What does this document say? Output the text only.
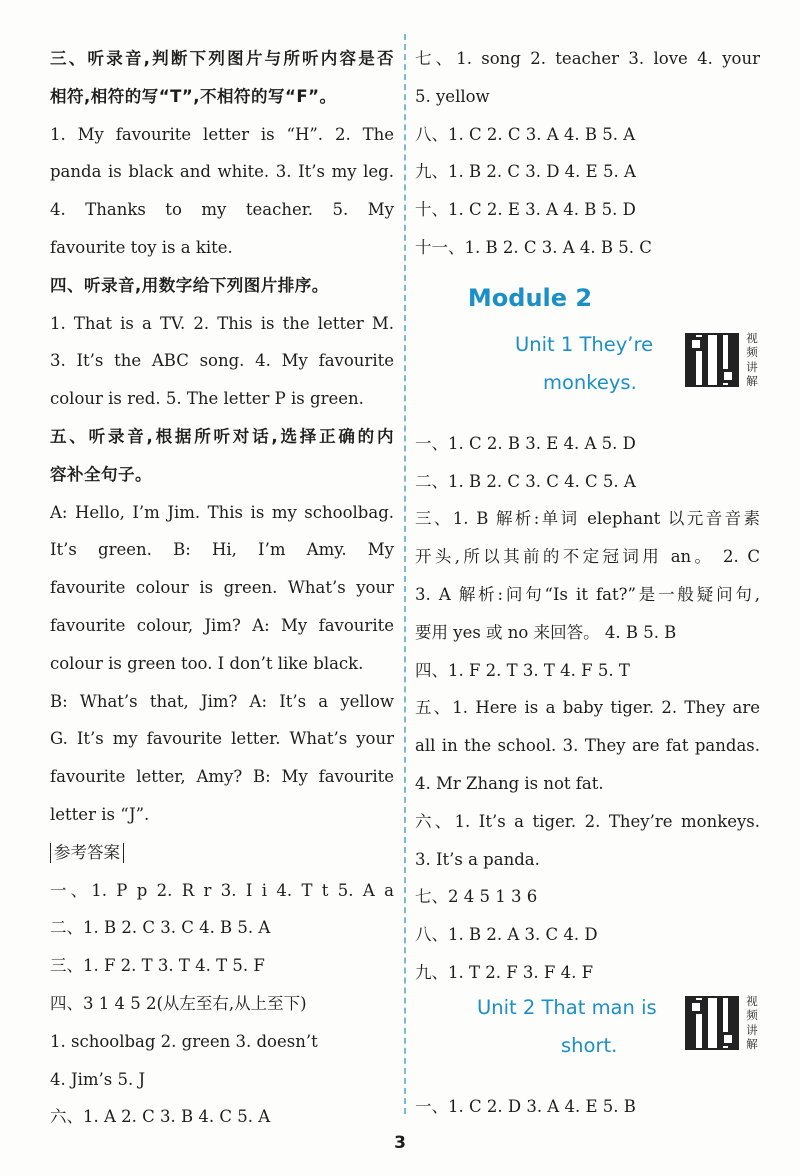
三、听录音,判断下列图片与所听内容是否
相符,相符的写“T”,不相符的写“F”。
1. My favourite letter is “H”. 2. The
panda is black and white. 3. It’s my leg.
4. Thanks to my teacher. 5. My
favourite toy is a kite.
四、听录音,用数字给下列图片排序。
1. That is a TV. 2. This is the letter M.
3. It’s the ABC song. 4. My favourite
colour is red. 5. The letter P is green.
五、听录音,根据所听对话,选择正确的内
容补全句子。
A: Hello, I’m Jim. This is my schoolbag.
It’s green. B: Hi, I’m Amy. My
favourite colour is green. What’s your
favourite colour, Jim? A: My favourite
colour is green too. I don’t like black.
B: What’s that, Jim? A: It’s a yellow
G. It’s my favourite letter. What’s your
favourite letter, Amy? B: My favourite
letter is “J”.
参考答案
一、1. P p 2. R r 3. I i 4. T t 5. A a
二、1. B 2. C 3. C 4. B 5. A
三、1. F 2. T 3. T 4. T 5. F
四、3 1 4 5 2(从左至右,从上至下)
1. schoolbag 2. green 3. doesn’t
4. Jim’s 5. J
六、1. A 2. C 3. B 4. C 5. A
七、1. song 2. teacher 3. love 4. your
5. yellow
八、1. C 2. C 3. A 4. B 5. A
九、1. B 2. C 3. D 4. E 5. A
十、1. C 2. E 3. A 4. B 5. D
十一、1. B 2. C 3. A 4. B 5. C
Module 2
Unit 1 They’re
monkeys.
视频讲解
一、1. C 2. B 3. E 4. A 5. D
二、1. B 2. C 3. C 4. C 5. A
三、1. B 解析:单词 elephant 以元音音素
开头,所以其前的不定冠词用 an。 2. C
3. A 解析:问句“Is it fat?”是一般疑问句,
要用 yes 或 no 来回答。 4. B 5. B
四、1. F 2. T 3. T 4. F 5. T
五、1. Here is a baby tiger. 2. They are
all in the school. 3. They are fat pandas.
4. Mr Zhang is not fat.
六、1. It’s a tiger. 2. They’re monkeys.
3. It’s a panda.
七、2 4 5 1 3 6
八、1. B 2. A 3. C 4. D
九、1. T 2. F 3. F 4. F
Unit 2 That man is
short.
视频讲解
一、1. C 2. D 3. A 4. E 5. B
3
